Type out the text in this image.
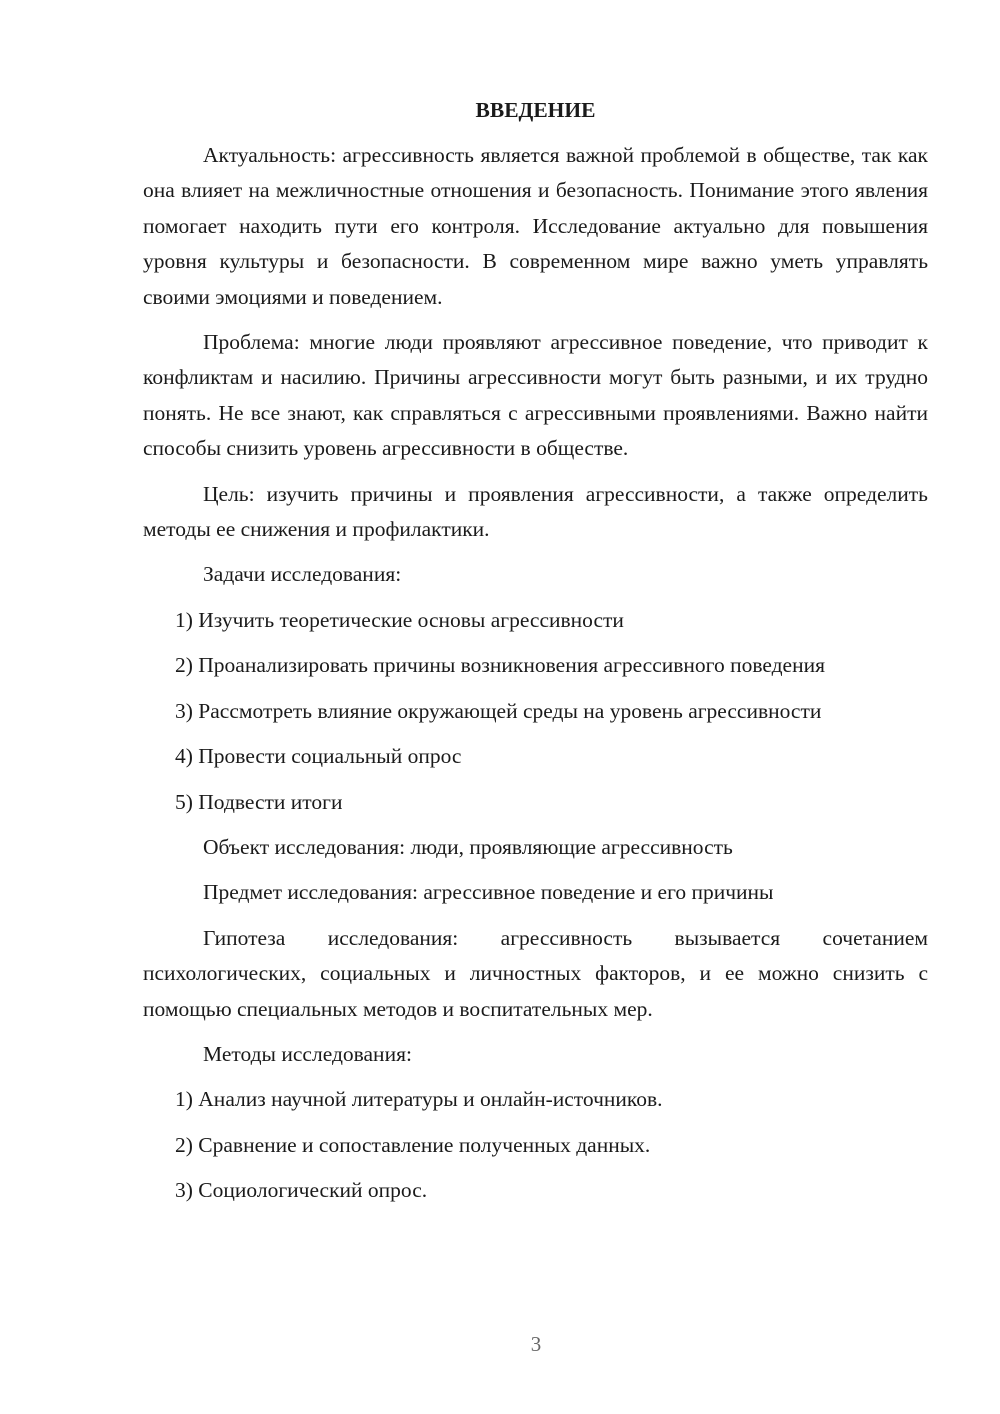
ВВЕДЕНИЕ

Актуальность: агрессивность является важной проблемой в обществе, так как она влияет на межличностные отношения и безопасность. Понимание этого явления помогает находить пути его контроля. Исследование актуально для повышения уровня культуры и безопасности. В современном мире важно уметь управлять своими эмоциями и поведением.

Проблема: многие люди проявляют агрессивное поведение, что приводит к конфликтам и насилию. Причины агрессивности могут быть разными, и их трудно понять. Не все знают, как справляться с агрессивными проявлениями. Важно найти способы снизить уровень агрессивности в обществе.

Цель: изучить причины и проявления агрессивности, а также определить методы ее снижения и профилактики.

Задачи исследования:

1) Изучить теоретические основы агрессивности

2) Проанализировать причины возникновения агрессивного поведения

3) Рассмотреть влияние окружающей среды на уровень агрессивности

4) Провести социальный опрос

5) Подвести итоги

Объект исследования: люди, проявляющие агрессивность

Предмет исследования: агрессивное поведение и его причины

Гипотеза исследования: агрессивность вызывается сочетанием психологических, социальных и личностных факторов, и ее можно снизить с помощью специальных методов и воспитательных мер.

Методы исследования:

1) Анализ научной литературы и онлайн-источников.

2) Сравнение и сопоставление полученных данных.

3) Социологический опрос.

3
